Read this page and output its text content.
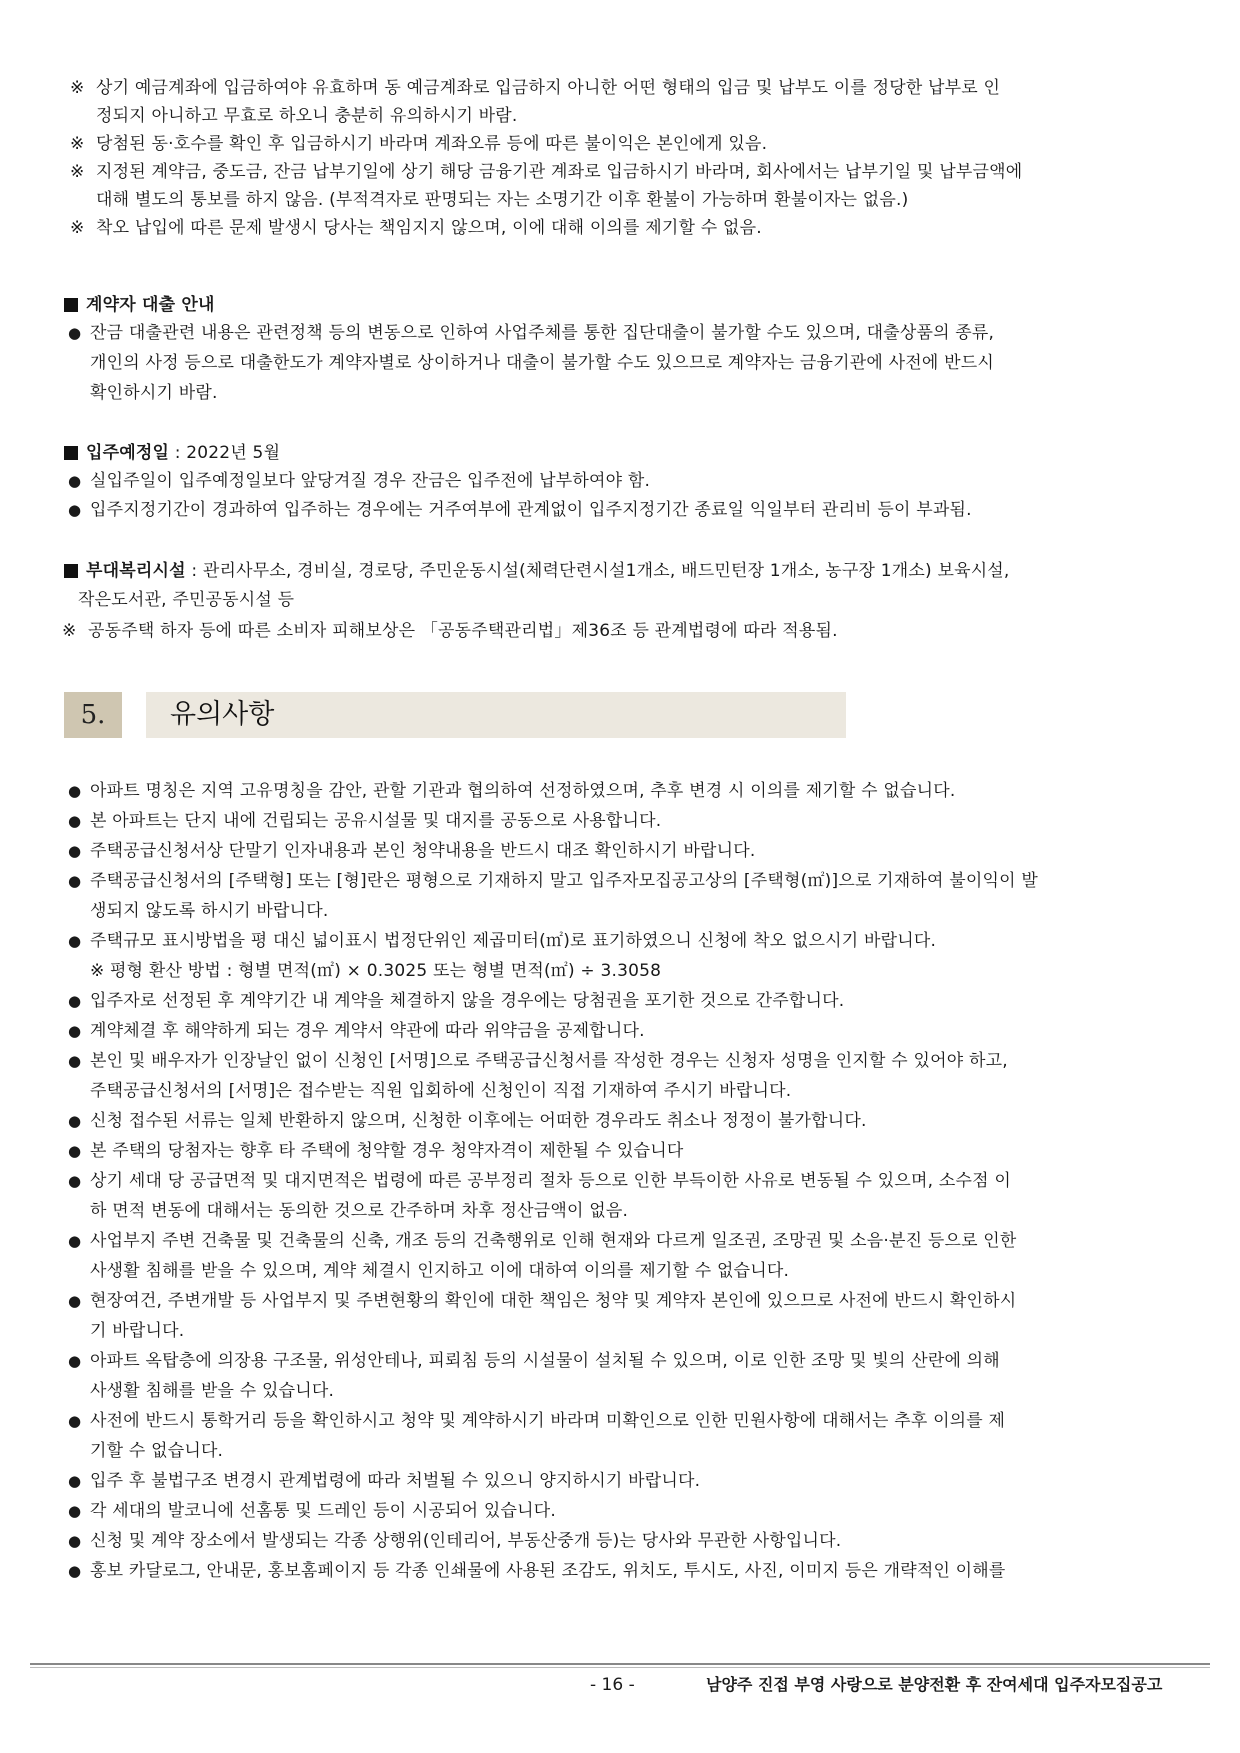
※ 상기 예금계좌에 입금하여야 유효하며 동 예금계좌로 입금하지 아니한 어떤 형태의 입금 및 납부도 이를 정당한 납부로 인
정되지 아니하고 무효로 하오니 충분히 유의하시기 바람.
※ 당첨된 동·호수를 확인 후 입금하시기 바라며 계좌오류 등에 따른 불이익은 본인에게 있음.
※ 지정된 계약금, 중도금, 잔금 납부기일에 상기 해당 금융기관 계좌로 입금하시기 바라며, 회사에서는 납부기일 및 납부금액에
대해 별도의 통보를 하지 않음. (부적격자로 판명되는 자는 소명기간 이후 환불이 가능하며 환불이자는 없음.)
※ 착오 납입에 따른 문제 발생시 당사는 책임지지 않으며, 이에 대해 이의를 제기할 수 없음.
계약자 대출 안내
● 잔금 대출관련 내용은 관련정책 등의 변동으로 인하여 사업주체를 통한 집단대출이 불가할 수도 있으며, 대출상품의 종류,
개인의 사정 등으로 대출한도가 계약자별로 상이하거나 대출이 불가할 수도 있으므로 계약자는 금융기관에 사전에 반드시
확인하시기 바람.
입주예정일 : 2022년 5월
● 실입주일이 입주예정일보다 앞당겨질 경우 잔금은 입주전에 납부하여야 함.
● 입주지정기간이 경과하여 입주하는 경우에는 거주여부에 관계없이 입주지정기간 종료일 익일부터 관리비 등이 부과됨.
부대복리시설 : 관리사무소, 경비실, 경로당, 주민운동시설(체력단련시설1개소, 배드민턴장 1개소, 농구장 1개소) 보육시설,
작은도서관, 주민공동시설 등
※ 공동주택 하자 등에 따른 소비자 피해보상은 「공동주택관리법」제36조 등 관계법령에 따라 적용됨.
5.	유의사항
● 아파트 명칭은 지역 고유명칭을 감안, 관할 기관과 협의하여 선정하였으며, 추후 변경 시 이의를 제기할 수 없습니다.
● 본 아파트는 단지 내에 건립되는 공유시설물 및 대지를 공동으로 사용합니다.
● 주택공급신청서상 단말기 인자내용과 본인 청약내용을 반드시 대조 확인하시기 바랍니다.
● 주택공급신청서의 [주택형] 또는 [형]란은 평형으로 기재하지 말고 입주자모집공고상의 [주택형(㎡)]으로 기재하여 불이익이 발
생되지 않도록 하시기 바랍니다.
● 주택규모 표시방법을 평 대신 넓이표시 법정단위인 제곱미터(㎡)로 표기하였으니 신청에 착오 없으시기 바랍니다.
※ 평형 환산 방법 : 형별 면적(㎡) × 0.3025 또는 형별 면적(㎡) ÷ 3.3058
● 입주자로 선정된 후 계약기간 내 계약을 체결하지 않을 경우에는 당첨권을 포기한 것으로 간주합니다.
● 계약체결 후 해약하게 되는 경우 계약서 약관에 따라 위약금을 공제합니다.
● 본인 및 배우자가 인장날인 없이 신청인 [서명]으로 주택공급신청서를 작성한 경우는 신청자 성명을 인지할 수 있어야 하고,
주택공급신청서의 [서명]은 접수받는 직원 입회하에 신청인이 직접 기재하여 주시기 바랍니다.
● 신청 접수된 서류는 일체 반환하지 않으며, 신청한 이후에는 어떠한 경우라도 취소나 정정이 불가합니다.
● 본 주택의 당첨자는 향후 타 주택에 청약할 경우 청약자격이 제한될 수 있습니다
● 상기 세대 당 공급면적 및 대지면적은 법령에 따른 공부정리 절차 등으로 인한 부득이한 사유로 변동될 수 있으며, 소수점 이
하 면적 변동에 대해서는 동의한 것으로 간주하며 차후 정산금액이 없음.
● 사업부지 주변 건축물 및 건축물의 신축, 개조 등의 건축행위로 인해 현재와 다르게 일조권, 조망권 및 소음·분진 등으로 인한
사생활 침해를 받을 수 있으며, 계약 체결시 인지하고 이에 대하여 이의를 제기할 수 없습니다.
● 현장여건, 주변개발 등 사업부지 및 주변현황의 확인에 대한 책임은 청약 및 계약자 본인에 있으므로 사전에 반드시 확인하시
기 바랍니다.
● 아파트 옥탑층에 의장용 구조물, 위성안테나, 피뢰침 등의 시설물이 설치될 수 있으며, 이로 인한 조망 및 빛의 산란에 의해
사생활 침해를 받을 수 있습니다.
● 사전에 반드시 통학거리 등을 확인하시고 청약 및 계약하시기 바라며 미확인으로 인한 민원사항에 대해서는 추후 이의를 제
기할 수 없습니다.
● 입주 후 불법구조 변경시 관계법령에 따라 처벌될 수 있으니 양지하시기 바랍니다.
● 각 세대의 발코니에 선홈통 및 드레인 등이 시공되어 있습니다.
● 신청 및 계약 장소에서 발생되는 각종 상행위(인테리어, 부동산중개 등)는 당사와 무관한 사항입니다.
● 홍보 카달로그, 안내문, 홍보홈페이지 등 각종 인쇄물에 사용된 조감도, 위치도, 투시도, 사진, 이미지 등은 개략적인 이해를
- 16 -	남양주 진접 부영 사랑으로 분양전환 후 잔여세대 입주자모집공고
